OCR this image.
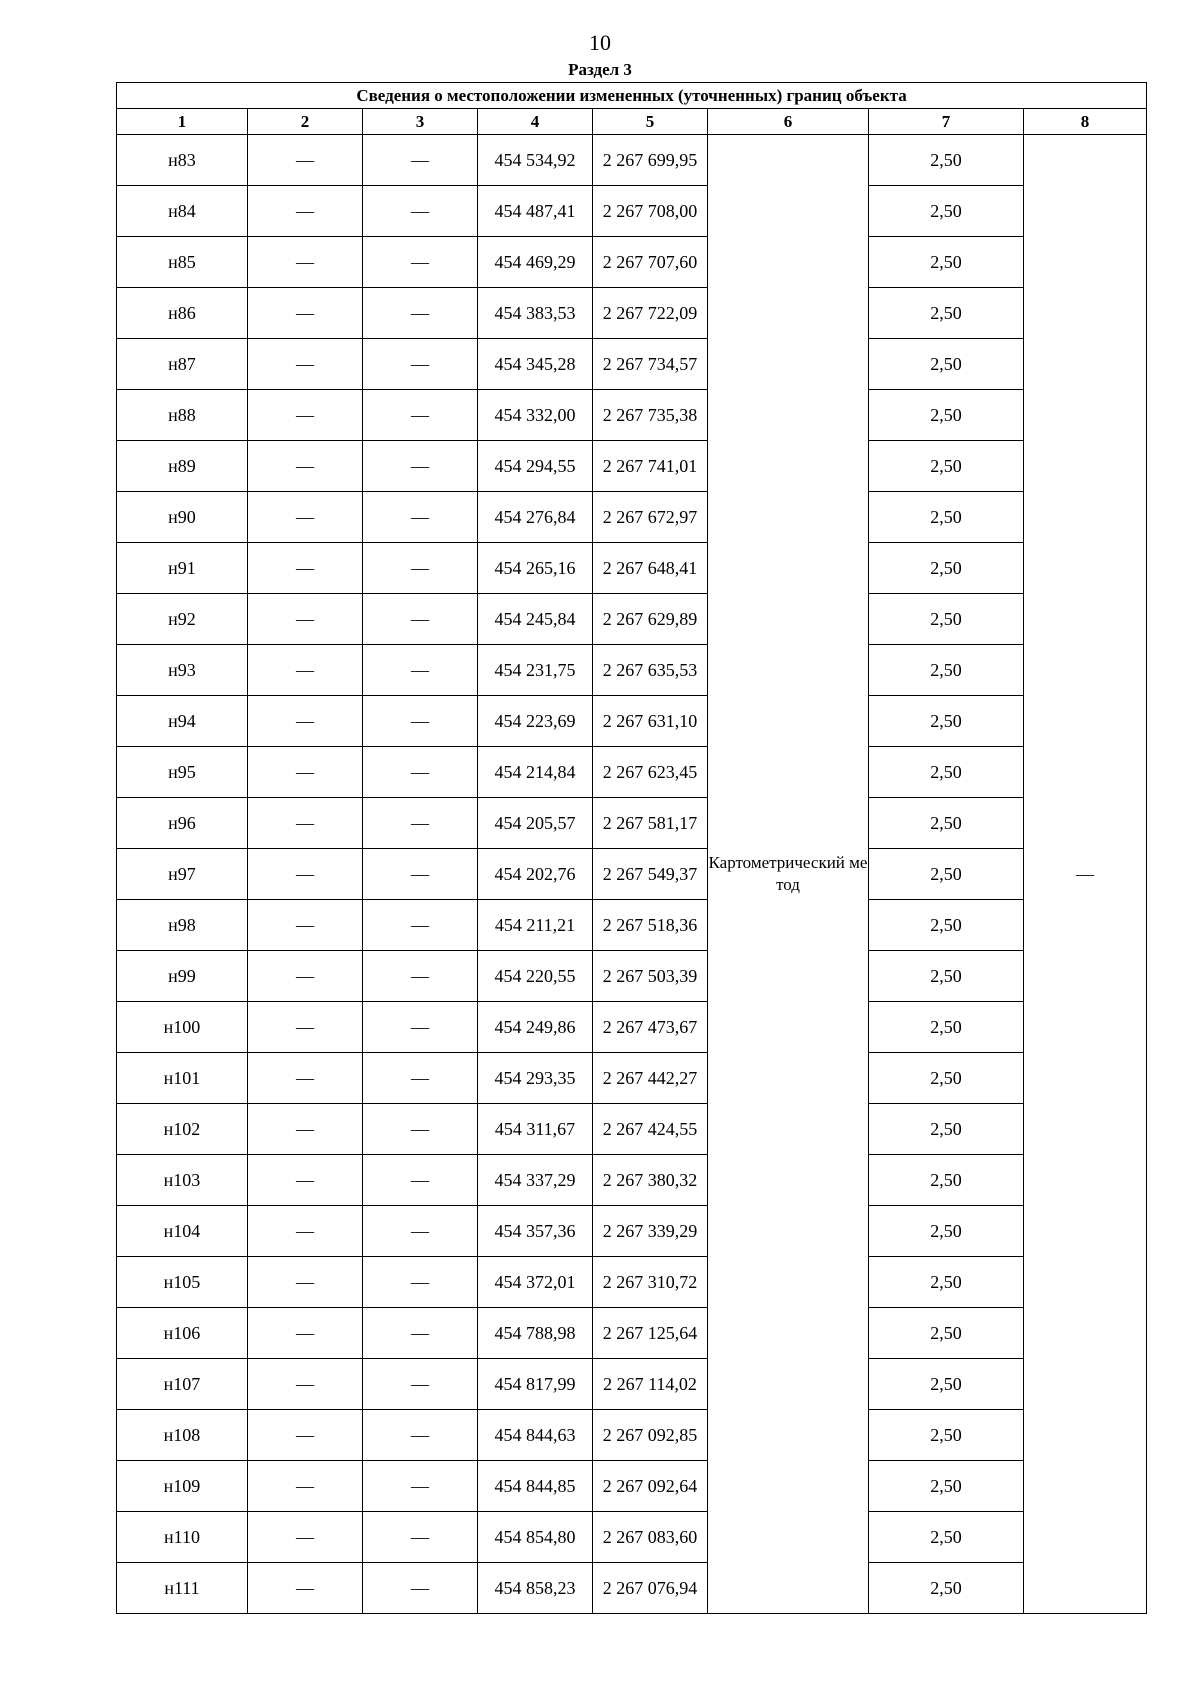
10
Раздел 3
Сведения о местоположении измененных (уточненных) границ объекта							
1	2	3	4	5	6	7	8
н83	—	—	454 534,92	2 267 699,95	Картометрический метод	2,50	—
н84	—	—	454 487,41	2 267 708,00		2,50	
н85	—	—	454 469,29	2 267 707,60		2,50	
н86	—	—	454 383,53	2 267 722,09		2,50	
н87	—	—	454 345,28	2 267 734,57		2,50	
н88	—	—	454 332,00	2 267 735,38		2,50	
н89	—	—	454 294,55	2 267 741,01		2,50	
н90	—	—	454 276,84	2 267 672,97		2,50	
н91	—	—	454 265,16	2 267 648,41		2,50	
н92	—	—	454 245,84	2 267 629,89		2,50	
н93	—	—	454 231,75	2 267 635,53		2,50	
н94	—	—	454 223,69	2 267 631,10		2,50	
н95	—	—	454 214,84	2 267 623,45		2,50	
н96	—	—	454 205,57	2 267 581,17		2,50	
н97	—	—	454 202,76	2 267 549,37		2,50	
н98	—	—	454 211,21	2 267 518,36		2,50	
н99	—	—	454 220,55	2 267 503,39		2,50	
н100	—	—	454 249,86	2 267 473,67		2,50	
н101	—	—	454 293,35	2 267 442,27		2,50	
н102	—	—	454 311,67	2 267 424,55		2,50	
н103	—	—	454 337,29	2 267 380,32		2,50	
н104	—	—	454 357,36	2 267 339,29		2,50	
н105	—	—	454 372,01	2 267 310,72		2,50	
н106	—	—	454 788,98	2 267 125,64		2,50	
н107	—	—	454 817,99	2 267 114,02		2,50	
н108	—	—	454 844,63	2 267 092,85		2,50	
н109	—	—	454 844,85	2 267 092,64		2,50	
н110	—	—	454 854,80	2 267 083,60		2,50	
н111	—	—	454 858,23	2 267 076,94		2,50	
